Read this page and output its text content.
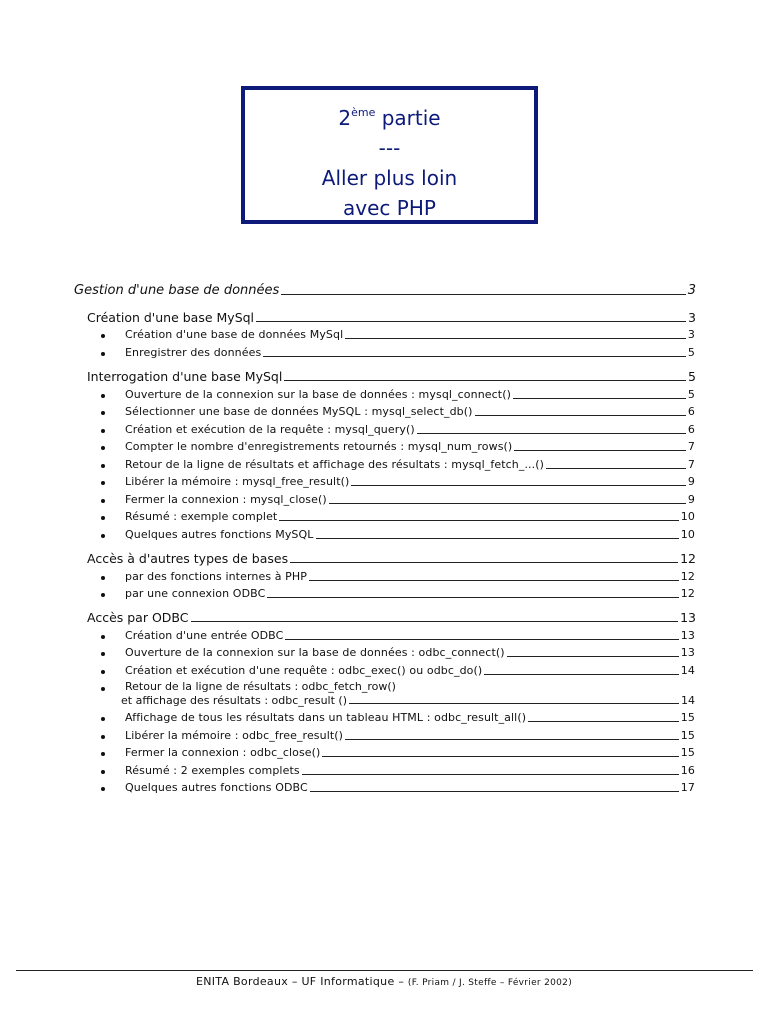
2ème partie
---
Aller plus loin
avec PHP
Gestion d'une base de données	3
Création d'une base MySql	3
Création d'une base de données MySql	3
Enregistrer des données	5
Interrogation d'une base MySql	5
Ouverture de la connexion sur la base de données : mysql_connect()	5
Sélectionner une base de données MySQL : mysql_select_db()	6
Création et exécution de la requête : mysql_query()	6
Compter le nombre d'enregistrements retournés : mysql_num_rows()	7
Retour de la ligne de résultats et affichage des résultats : mysql_fetch_...()	7
Libérer la mémoire : mysql_free_result()	9
Fermer la connexion : mysql_close()	9
Résumé : exemple complet	10
Quelques autres fonctions MySQL	10
Accès à d'autres types de bases	12
par des fonctions internes à PHP	12
par une connexion ODBC	12
Accès par ODBC	13
Création d'une entrée ODBC	13
Ouverture de la connexion sur la base de données : odbc_connect()	13
Création et exécution d'une requête : odbc_exec() ou odbc_do()	14
Retour de la ligne de résultats : odbc_fetch_row()
et affichage des résultats : odbc_result ()	14
Affichage de tous les résultats dans un tableau HTML : odbc_result_all()	15
Libérer la mémoire : odbc_free_result()	15
Fermer la connexion : odbc_close()	15
Résumé : 2 exemples complets	16
Quelques autres fonctions ODBC	17
ENITA Bordeaux – UF Informatique – (F. Priam / J. Steffe – Février 2002)
